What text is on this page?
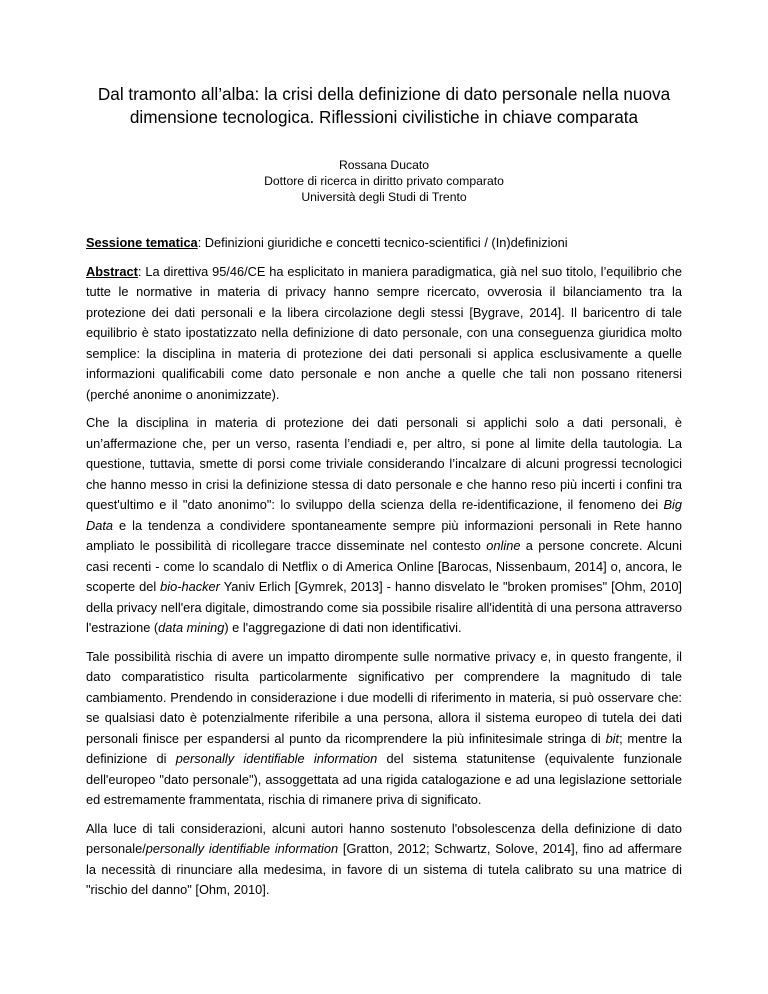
Dal tramonto all’alba: la crisi della definizione di dato personale nella nuova dimensione tecnologica. Riflessioni civilistiche in chiave comparata
Rossana Ducato
Dottore di ricerca in diritto privato comparato
Università degli Studi di Trento

Sessione tematica: Definizioni giuridiche e concetti tecnico-scientifici / (In)definizioni

Abstract: La direttiva 95/46/CE ha esplicitato in maniera paradigmatica, già nel suo titolo, l’equilibrio che tutte le normative in materia di privacy hanno sempre ricercato, ovverosia il bilanciamento tra la protezione dei dati personali e la libera circolazione degli stessi [Bygrave, 2014]. Il baricentro di tale equilibrio è stato ipostatizzato nella definizione di dato personale, con una conseguenza giuridica molto semplice: la disciplina in materia di protezione dei dati personali si applica esclusivamente a quelle informazioni qualificabili come dato personale e non anche a quelle che tali non possano ritenersi (perché anonime o anonimizzate).

Che la disciplina in materia di protezione dei dati personali si applichi solo a dati personali, è un’affermazione che, per un verso, rasenta l’endiadi e, per altro, si pone al limite della tautologia. La questione, tuttavia, smette di porsi come triviale considerando l’incalzare di alcuni progressi tecnologici che hanno messo in crisi la definizione stessa di dato personale e che hanno reso più incerti i confini tra quest'ultimo e il "dato anonimo": lo sviluppo della scienza della re-identificazione, il fenomeno dei Big Data e la tendenza a condividere spontaneamente sempre più informazioni personali in Rete hanno ampliato le possibilità di ricollegare tracce disseminate nel contesto online a persone concrete. Alcuni casi recenti - come lo scandalo di Netflix o di America Online [Barocas, Nissenbaum, 2014] o, ancora, le scoperte del bio-hacker Yaniv Erlich [Gymrek, 2013] - hanno disvelato le "broken promises" [Ohm, 2010] della privacy nell'era digitale, dimostrando come sia possibile risalire all'identità di una persona attraverso l'estrazione (data mining) e l'aggregazione di dati non identificativi.

Tale possibilità rischia di avere un impatto dirompente sulle normative privacy e, in questo frangente, il dato comparatistico risulta particolarmente significativo per comprendere la magnitudo di tale cambiamento. Prendendo in considerazione i due modelli di riferimento in materia, si può osservare che: se qualsiasi dato è potenzialmente riferibile a una persona, allora il sistema europeo di tutela dei dati personali finisce per espandersi al punto da ricomprendere la più infinitesimale stringa di bit; mentre la definizione di personally identifiable information del sistema statunitense (equivalente funzionale dell'europeo "dato personale"), assoggettata ad una rigida catalogazione e ad una legislazione settoriale ed estremamente frammentata, rischia di rimanere priva di significato.

Alla luce di tali considerazioni, alcuni autori hanno sostenuto l'obsolescenza della definizione di dato personale/personally identifiable information [Gratton, 2012; Schwartz, Solove, 2014], fino ad affermare la necessità di rinunciare alla medesima, in favore di un sistema di tutela calibrato su una matrice di "rischio del danno" [Ohm, 2010].
